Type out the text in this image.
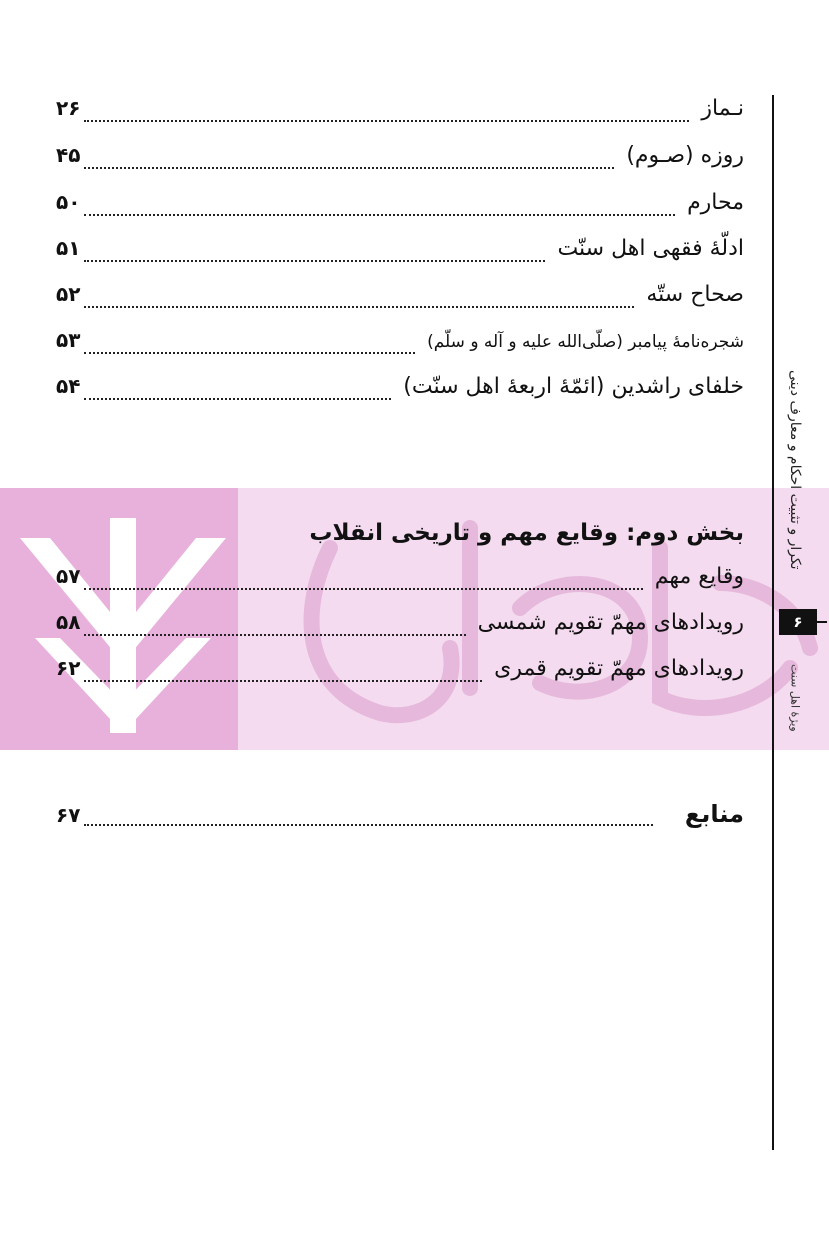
تکرار و تثبیت احکام و معارف دینی
۶
ویژهٔ اهل سنت
نـماز
۲۶
روزه (صـوم)
۴۵
محارم
۵۰
ادلّهٔ فقهی اهل سنّت
۵۱
صحاح ستّه
۵۲
شجره‌نامهٔ پیامبر (صلّی‌الله علیه و آله و سلّم)
۵۳
خلفای راشدین (ائمّهٔ اربعهٔ اهل سنّت)
۵۴
بخش دوم: وقایع مهم و تاریخی انقلاب
وقایع مهم
۵۷
رویدادهای مهمّ تقویم شمسی
۵۸
رویدادهای مهمّ تقویم قمری
۶۲
منابع
۶۷
